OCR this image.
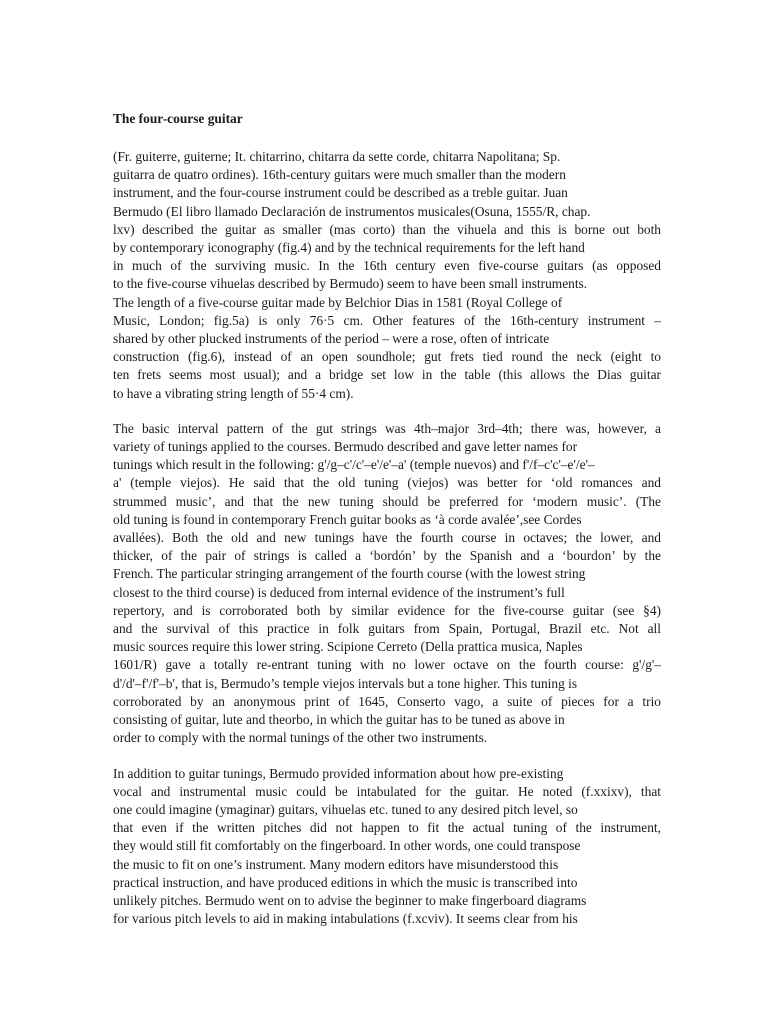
The four-course guitar
(Fr. guiterre, guiterne; It. chitarrino, chitarra da sette corde, chitarra Napolitana; Sp.
guitarra de quatro ordines). 16th-century guitars were much smaller than the modern
instrument, and the four-course instrument could be described as a treble guitar. Juan
Bermudo (El libro llamado Declaración de instrumentos musicales(Osuna, 1555/R, chap.
lxv) described the guitar as smaller (mas corto) than the vihuela and this is borne out both
by contemporary iconography (fig.4) and by the technical requirements for the left hand
in much of the surviving music. In the 16th century even five-course guitars (as opposed
to the five-course vihuelas described by Bermudo) seem to have been small instruments.
The length of a five-course guitar made by Belchior Dias in 1581 (Royal College of
Music, London; fig.5a) is only 76·5 cm. Other features of the 16th-century instrument –
shared by other plucked instruments of the period – were a rose, often of intricate
construction (fig.6), instead of an open soundhole; gut frets tied round the neck (eight to
ten frets seems most usual); and a bridge set low in the table (this allows the Dias guitar
to have a vibrating string length of 55·4 cm).
The basic interval pattern of the gut strings was 4th–major 3rd–4th; there was, however, a
variety of tunings applied to the courses. Bermudo described and gave letter names for
tunings which result in the following: g'/g–c'/c'–e'/e'–a' (temple nuevos) and f'/f–c'c'–e'/e'–
a' (temple viejos). He said that the old tuning (viejos) was better for ‘old romances and
strummed music’, and that the new tuning should be preferred for ‘modern music’. (The
old tuning is found in contemporary French guitar books as ‘à corde avalée’,see Cordes
avallées). Both the old and new tunings have the fourth course in octaves; the lower, and
thicker, of the pair of strings is called a ‘bordón’ by the Spanish and a ‘bourdon’ by the
French. The particular stringing arrangement of the fourth course (with the lowest string
closest to the third course) is deduced from internal evidence of the instrument’s full
repertory, and is corroborated both by similar evidence for the five-course guitar (see §4)
and the survival of this practice in folk guitars from Spain, Portugal, Brazil etc. Not all
music sources require this lower string. Scipione Cerreto (Della prattica musica, Naples
1601/R) gave a totally re-entrant tuning with no lower octave on the fourth course: g'/g'–
d'/d'–f'/f'–b', that is, Bermudo’s temple viejos intervals but a tone higher. This tuning is
corroborated by an anonymous print of 1645, Conserto vago, a suite of pieces for a trio
consisting of guitar, lute and theorbo, in which the guitar has to be tuned as above in
order to comply with the normal tunings of the other two instruments.
In addition to guitar tunings, Bermudo provided information about how pre-existing
vocal and instrumental music could be intabulated for the guitar. He noted (f.xxixv), that
one could imagine (ymaginar) guitars, vihuelas etc. tuned to any desired pitch level, so
that even if the written pitches did not happen to fit the actual tuning of the instrument,
they would still fit comfortably on the fingerboard. In other words, one could transpose
the music to fit on one’s instrument. Many modern editors have misunderstood this
practical instruction, and have produced editions in which the music is transcribed into
unlikely pitches. Bermudo went on to advise the beginner to make fingerboard diagrams
for various pitch levels to aid in making intabulations (f.xcviv). It seems clear from his
